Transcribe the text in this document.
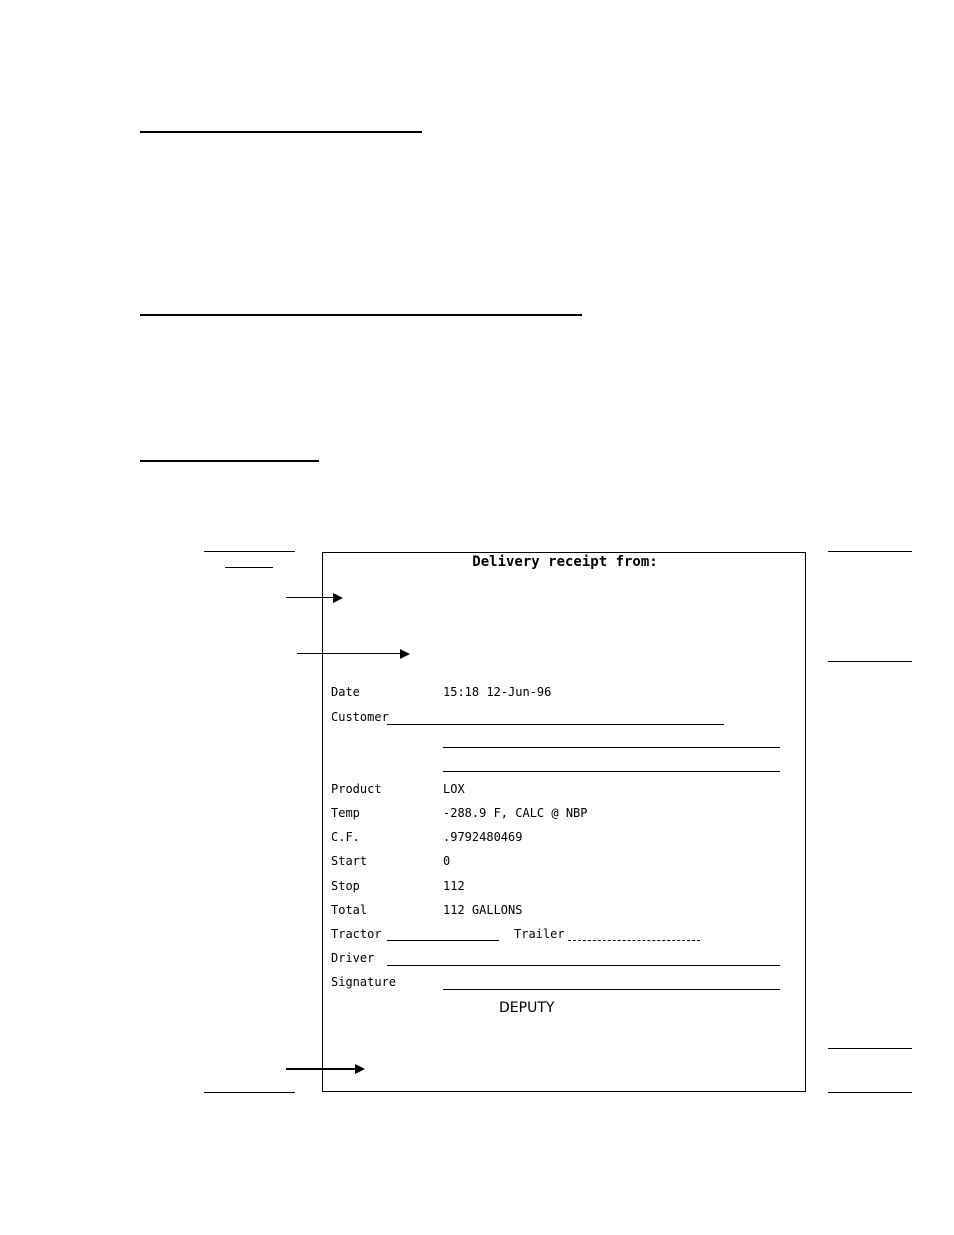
Delivery receipt from:
Date	15:18 12-Jun-96
Customer
Product	LOX
Temp	-288.9 F, CALC @ NBP
C.F.	.9792480469
Start	0
Stop	112
Total	112 GALLONS
Tractor	Trailer
Driver
Signature
DEPUTY
